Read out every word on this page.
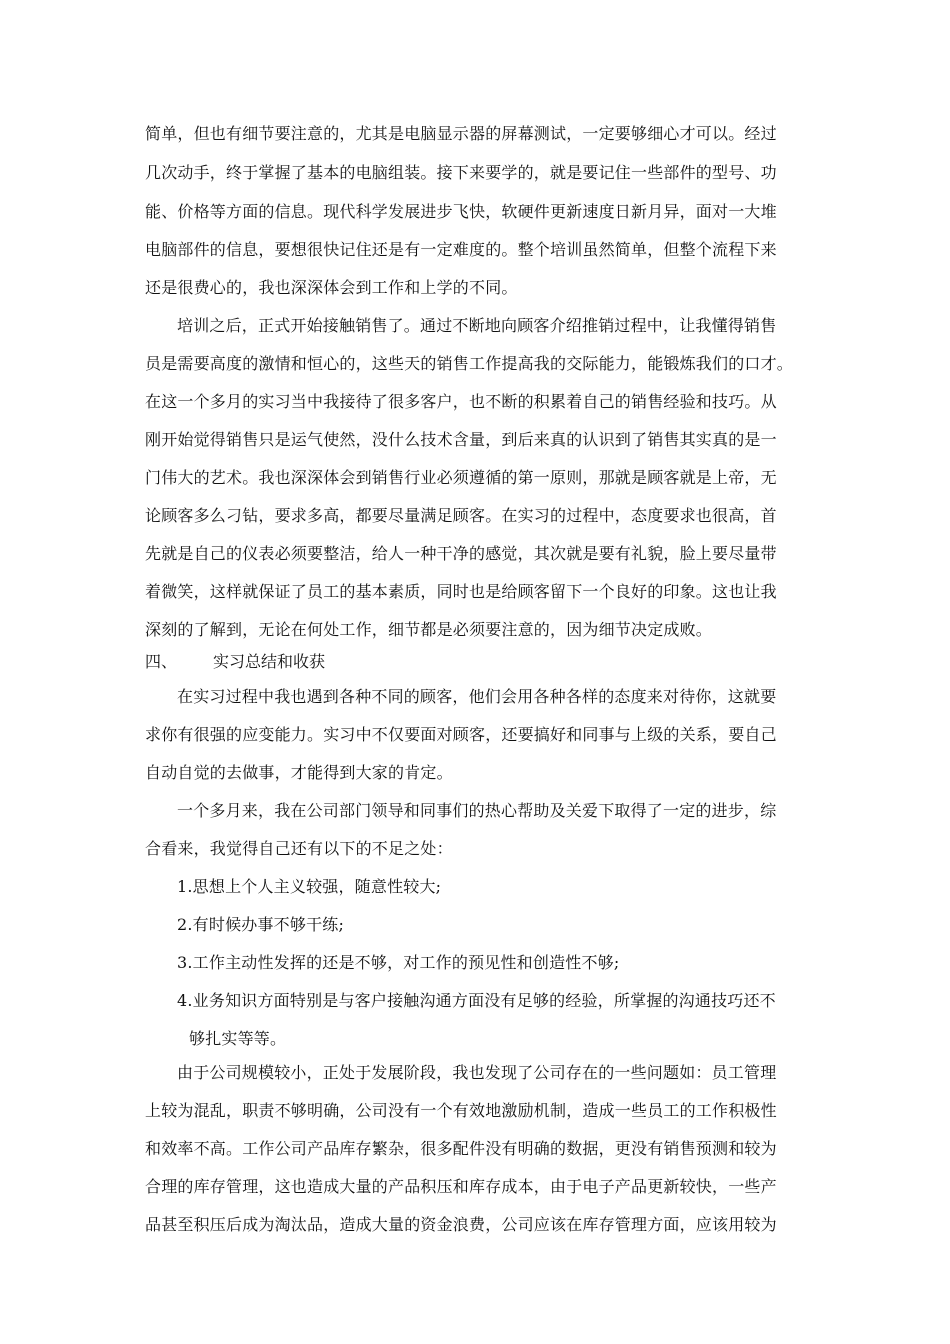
简单，但也有细节要注意的，尤其是电脑显示器的屏幕测试，一定要够细心才可以。经过
几次动手，终于掌握了基本的电脑组装。接下来要学的，就是要记住一些部件的型号、功
能、价格等方面的信息。现代科学发展进步飞快，软硬件更新速度日新月异，面对一大堆
电脑部件的信息，要想很快记住还是有一定难度的。整个培训虽然简单，但整个流程下来
还是很费心的，我也深深体会到工作和上学的不同。
培训之后，正式开始接触销售了。通过不断地向顾客介绍推销过程中，让我懂得销售
员是需要高度的激情和恒心的，这些天的销售工作提高我的交际能力，能锻炼我们的口才。
在这一个多月的实习当中我接待了很多客户，也不断的积累着自己的销售经验和技巧。从
刚开始觉得销售只是运气使然，没什么技术含量，到后来真的认识到了销售其实真的是一
门伟大的艺术。我也深深体会到销售行业必须遵循的第一原则，那就是顾客就是上帝，无
论顾客多么刁钻，要求多高，都要尽量满足顾客。在实习的过程中，态度要求也很高，首
先就是自己的仪表必须要整洁，给人一种干净的感觉，其次就是要有礼貌，脸上要尽量带
着微笑，这样就保证了员工的基本素质，同时也是给顾客留下一个良好的印象。这也让我
深刻的了解到，无论在何处工作，细节都是必须要注意的，因为细节决定成败。
四、 实习总结和收获
在实习过程中我也遇到各种不同的顾客，他们会用各种各样的态度来对待你，这就要
求你有很强的应变能力。实习中不仅要面对顾客，还要搞好和同事与上级的关系，要自己
自动自觉的去做事，才能得到大家的肯定。
一个多月来，我在公司部门领导和同事们的热心帮助及关爱下取得了一定的进步，综
合看来，我觉得自己还有以下的不足之处：
1.思想上个人主义较强，随意性较大;
2.有时候办事不够干练;
3.工作主动性发挥的还是不够，对工作的预见性和创造性不够;
4.业务知识方面特别是与客户接触沟通方面没有足够的经验，所掌握的沟通技巧还不
够扎实等等。
由于公司规模较小，正处于发展阶段，我也发现了公司存在的一些问题如：员工管理
上较为混乱，职责不够明确，公司没有一个有效地激励机制，造成一些员工的工作积极性
和效率不高。工作公司产品库存繁杂，很多配件没有明确的数据，更没有销售预测和较为
合理的库存管理，这也造成大量的产品积压和库存成本，由于电子产品更新较快，一些产
品甚至积压后成为淘汰品，造成大量的资金浪费，公司应该在库存管理方面，应该用较为
